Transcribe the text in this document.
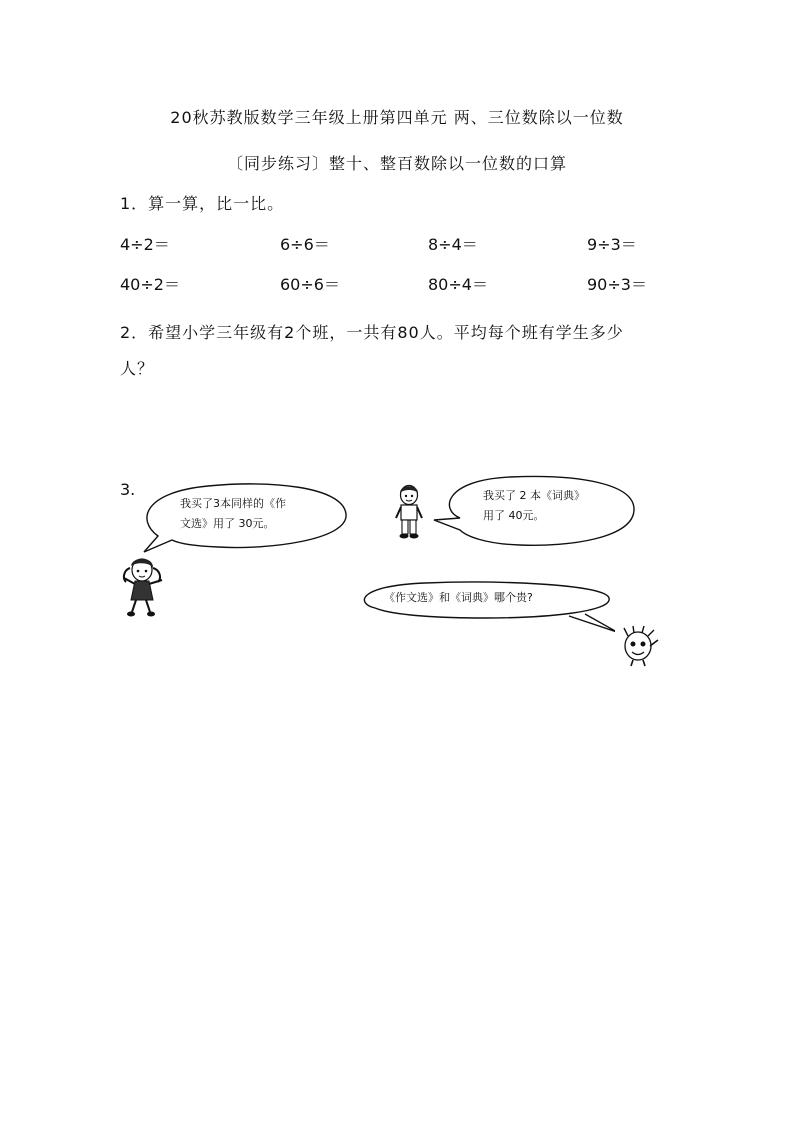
20秋苏教版数学三年级上册第四单元 两、三位数除以一位数
〔同步练习〕整十、整百数除以一位数的口算
1．算一算，比一比。
4÷2＝	6÷6＝	8÷4＝	9÷3＝
40÷2＝	60÷6＝	80÷4＝	90÷3＝
2．希望小学三年级有2个班，一共有80人。平均每个班有学生多少
人？
3.
我买了3本同样的《作
文选》用了 30元。
我买了 2 本《词典》
用了 40元。
《作文选》和《词典》哪个贵?
